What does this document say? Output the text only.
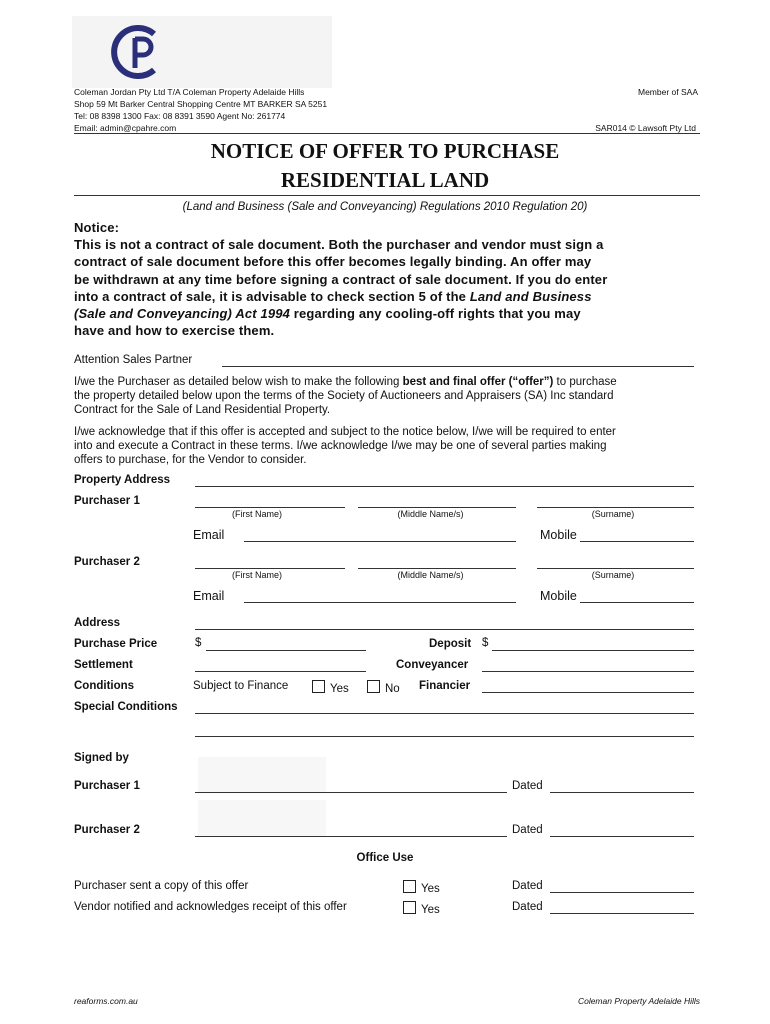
Coleman Jordan Pty Ltd T/A Coleman Property Adelaide Hills
Shop 59 Mt Barker Central Shopping Centre MT BARKER SA 5251
Tel: 08 8398 1300 Fax: 08 8391 3590 Agent No: 261774
Email: admin@cpahre.com
Member of SAA
SAR014 © Lawsoft Pty Ltd
NOTICE OF OFFER TO PURCHASE
RESIDENTIAL LAND
(Land and Business (Sale and Conveyancing) Regulations 2010 Regulation 20)
Notice:
This is not a contract of sale document. Both the purchaser and vendor must sign a
contract of sale document before this offer becomes legally binding. An offer may
be withdrawn at any time before signing a contract of sale document. If you do enter
into a contract of sale, it is advisable to check section 5 of the Land and Business
(Sale and Conveyancing) Act 1994 regarding any cooling-off rights that you may
have and how to exercise them.
Attention Sales Partner
I/we the Purchaser as detailed below wish to make the following best and final offer (“offer”) to purchase
the property detailed below upon the terms of the Society of Auctioneers and Appraisers (SA) Inc standard
Contract for the Sale of Land Residential Property.
I/we acknowledge that if this offer is accepted and subject to the notice below, I/we will be required to enter
into and execute a Contract in these terms. I/we acknowledge I/we may be one of several parties making
offers to purchase, for the Vendor to consider.
Property Address
Purchaser 1
(First Name)	(Middle Name/s)	(Surname)
Email	Mobile
Purchaser 2
(First Name)	(Middle Name/s)	(Surname)
Email	Mobile
Address
Purchase Price	$	Deposit $
Settlement	Conveyancer
Conditions	Subject to Finance	Yes	No Financier
Special Conditions
Signed by
Purchaser 1	Dated
Purchaser 2	Dated
Office Use
Purchaser sent a copy of this offer	Yes	Dated
Vendor notified and acknowledges receipt of this offer	Yes	Dated
reaforms.com.au	Coleman Property Adelaide Hills
